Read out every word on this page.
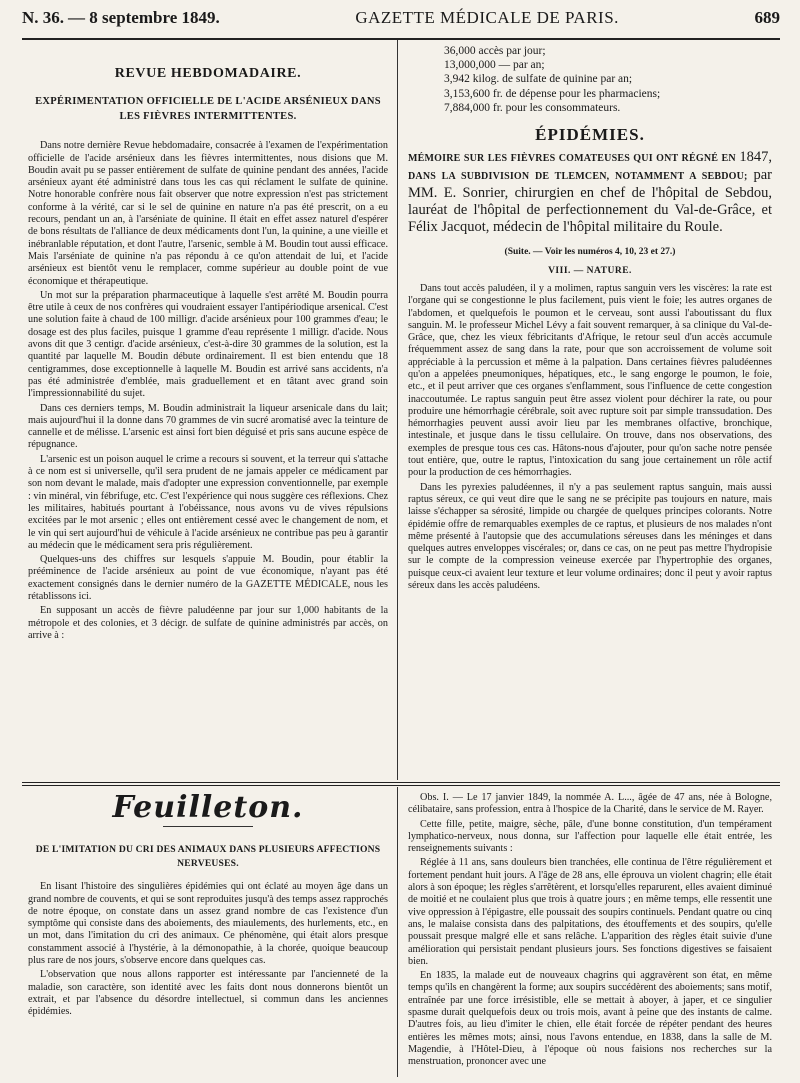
N. 36. — 8 septembre 1849.	GAZETTE MÉDICALE DE PARIS.	689
REVUE HEBDOMADAIRE.
EXPÉRIMENTATION OFFICIELLE DE L'ACIDE ARSÉNIEUX DANS
LES FIÈVRES INTERMITTENTES.

Dans notre dernière Revue hebdomadaire, consacrée à l'examen de l'expérimentation officielle de l'acide arsénieux dans les fièvres intermittentes, nous disions que M. Boudin avait pu se passer entièrement de sulfate de quinine pendant des années, l'acide arsénieux ayant été administré dans tous les cas qui réclament le sulfate de quinine. Notre honorable confrère nous fait observer que notre expression n'est pas strictement conforme à la vérité, car si le sel de quinine en nature n'a pas été prescrit, on a eu recours, pendant un an, à l'arséniate de quinine. Il était en effet assez naturel d'espérer de bons résultats de l'alliance de deux médicaments dont l'un, la quinine, a une vieille et inébranlable réputation, et dont l'autre, l'arsenic, semble à M. Boudin tout aussi efficace. Mais l'arséniate de quinine n'a pas répondu à ce qu'on attendait de lui, et l'acide arsénieux est bientôt venu le remplacer, comme supérieur au double point de vue économique et thérapeutique.

Un mot sur la préparation pharmaceutique à laquelle s'est arrêté M. Boudin pourra être utile à ceux de nos confrères qui voudraient essayer l'antipériodique arsenical. C'est une solution faite à chaud de 100 milligr. d'acide arsénieux pour 100 grammes d'eau; le dosage est des plus faciles, puisque 1 gramme d'eau représente 1 milligr. d'acide. Nous avons dit que 3 centigr. d'acide arsénieux, c'est-à-dire 30 grammes de la solution, est la quantité par laquelle M. Boudin débute ordinairement. Il est bien entendu que 18 centigrammes, dose exceptionnelle à laquelle M. Boudin est arrivé sans accidents, n'a pas été administrée d'emblée, mais graduellement et en tâtant avec grand soin l'impressionnabilité du sujet.

Dans ces derniers temps, M. Boudin administrait la liqueur arsenicale dans du lait; mais aujourd'hui il la donne dans 70 grammes de vin sucré aromatisé avec la teinture de cannelle et de mélisse. L'arsenic est ainsi fort bien déguisé et pris sans aucune espèce de répugnance.

L'arsenic est un poison auquel le crime a recours si souvent, et la terreur qui s'attache à ce nom est si universelle, qu'il sera prudent de ne jamais appeler ce médicament par son nom devant le malade, mais d'adopter une expression conventionnelle, par exemple : vin minéral, vin fébrifuge, etc. C'est l'expérience qui nous suggère ces réflexions. Chez les militaires, habitués pourtant à l'obéissance, nous avons vu de vives répulsions excitées par le mot arsenic ; elles ont entièrement cessé avec le changement de nom, et le vin qui sert aujourd'hui de véhicule à l'acide arsénieux ne contribue pas peu à garantir au médecin que le médicament sera pris régulièrement.

Quelques-uns des chiffres sur lesquels s'appuie M. Boudin, pour établir la prééminence de l'acide arsénieux au point de vue économique, n'ayant pas été exactement consignés dans le dernier numéro de la GAZETTE MÉDICALE, nous les rétablissons ici.

En supposant un accès de fièvre paludéenne par jour sur 1,000 habitants de la métropole et des colonies, et 3 décigr. de sulfate de quinine administrés par accès, on arrive à :

36,000 accès par jour;
13,000,000 — par an;
3,942 kilog. de sulfate de quinine par an;
3,153,600 fr. de dépense pour les pharmaciens;
7,884,000 fr. pour les consommateurs.
ÉPIDÉMIES.
MÉMOIRE SUR LES FIÈVRES COMATEUSES QUI ONT RÉGNÉ EN 1847, DANS LA SUBDIVISION DE TLEMCEN, NOTAMMENT A SEBDOU; par MM. E. Sonrier, chirurgien en chef de l'hôpital de Sebdou, lauréat de l'hôpital de perfectionnement du Val-de-Grâce, et Félix Jacquot, médecin de l'hôpital militaire du Roule.
(Suite. — Voir les numéros 4, 10, 23 et 27.)
VIII. — NATURE.

Dans tout accès paludéen, il y a molimen, raptus sanguin vers les viscères: la rate est l'organe qui se congestionne le plus facilement, puis vient le foie; les autres organes de l'abdomen, et quelquefois le poumon et le cerveau, sont aussi l'aboutissant du flux sanguin. M. le professeur Michel Lévy a fait souvent remarquer, à sa clinique du Val-de-Grâce, que, chez les vieux fébricitants d'Afrique, le retour seul d'un accès accumule fréquemment assez de sang dans la rate, pour que son accroissement de volume soit appréciable à la percussion et même à la palpation. Dans certaines fièvres paludéennes qu'on a appelées pneumoniques, hépatiques, etc., le sang engorge le poumon, le foie, etc., et il peut arriver que ces organes s'enflamment, sous l'influence de cette congestion inaccoutumée. Le raptus sanguin peut être assez violent pour déchirer la rate, ou pour produire une hémorrhagie cérébrale, soit avec rupture soit par simple transsudation. Des hémorrhagies peuvent aussi avoir lieu par les membranes olfactive, bronchique, intestinale, et jusque dans le tissu cellulaire. On trouve, dans nos observations, des exemples de presque tous ces cas. Hâtons-nous d'ajouter, pour qu'on sache notre pensée tout entière, que, outre le raptus, l'intoxication du sang joue certainement un rôle actif pour la production de ces hémorrhagies.

Dans les pyrexies paludéennes, il n'y a pas seulement raptus sanguin, mais aussi raptus séreux, ce qui veut dire que le sang ne se précipite pas toujours en nature, mais laisse s'échapper sa sérosité, limpide ou chargée de quelques principes colorants. Notre épidémie offre de remarquables exemples de ce raptus, et plusieurs de nos malades n'ont même présenté à l'autopsie que des accumulations séreuses dans les méninges et dans quelques autres enveloppes viscérales; or, dans ce cas, on ne peut pas mettre l'hydropisie sur le compte de la compression veineuse exercée par l'hypertrophie des organes, puisque ceux-ci avaient leur texture et leur volume ordinaires; donc il peut y avoir raptus séreux dans les accès paludéens.

Feuilleton.
DE L'IMITATION DU CRI DES ANIMAUX DANS PLUSIEURS AFFECTIONS
NERVEUSES.

En lisant l'histoire des singulières épidémies qui ont éclaté au moyen âge dans un grand nombre de couvents, et qui se sont reproduites jusqu'à des temps assez rapprochés de notre époque, on constate dans un assez grand nombre de cas l'existence d'un symptôme qui consiste dans des aboiements, des miaulements, des hurlements, etc., en un mot, dans l'imitation du cri des animaux. Ce phénomène, qui était alors presque constamment associé à l'hystérie, à la démonopathie, à la chorée, quoique beaucoup plus rare de nos jours, s'observe encore dans quelques cas.

L'observation que nous allons rapporter est intéressante par l'ancienneté de la maladie, son caractère, son identité avec les faits dont nous donnerons bientôt un extrait, et par l'absence du désordre intellectuel, si commun dans les anciennes épidémies.

Obs. I. — Le 17 janvier 1849, la nommée A. L..., âgée de 47 ans, née à Bologne, célibataire, sans profession, entra à l'hospice de la Charité, dans le service de M. Rayer.

Cette fille, petite, maigre, sèche, pâle, d'une bonne constitution, d'un tempérament lymphatico-nerveux, nous donna, sur l'affection pour laquelle elle était entrée, les renseignements suivants :

Réglée à 11 ans, sans douleurs bien tranchées, elle continua de l'être régulièrement et fortement pendant huit jours. A l'âge de 28 ans, elle éprouva un violent chagrin; elle était alors à son époque; les règles s'arrêtèrent, et lorsqu'elles reparurent, elles avaient diminué de moitié et ne coulaient plus que trois à quatre jours ; en même temps, elle ressentit une vive oppression à l'épigastre, elle poussait des soupirs continuels. Pendant quatre ou cinq ans, le malaise consista dans des palpitations, des étouffements et des soupirs, qu'elle poussait presque malgré elle et sans relâche. L'apparition des règles était suivie d'une amélioration qui persistait pendant plusieurs jours. Ses fonctions digestives se faisaient bien.

En 1835, la malade eut de nouveaux chagrins qui aggravèrent son état, en même temps qu'ils en changèrent la forme; aux soupirs succédèrent des aboiements; sans motif, entraînée par une force irrésistible, elle se mettait à aboyer, à japer, et ce singulier spasme durait quelquefois deux ou trois mois, avant à peine que des instants de calme. D'autres fois, au lieu d'imiter le chien, elle était forcée de répéter pendant des heures entières les mêmes mots; ainsi, nous l'avons entendue, en 1838, dans la salle de M. Magendie, à l'Hôtel-Dieu, à l'époque où nous faisions nos recherches sur la menstruation, prononcer avec une
